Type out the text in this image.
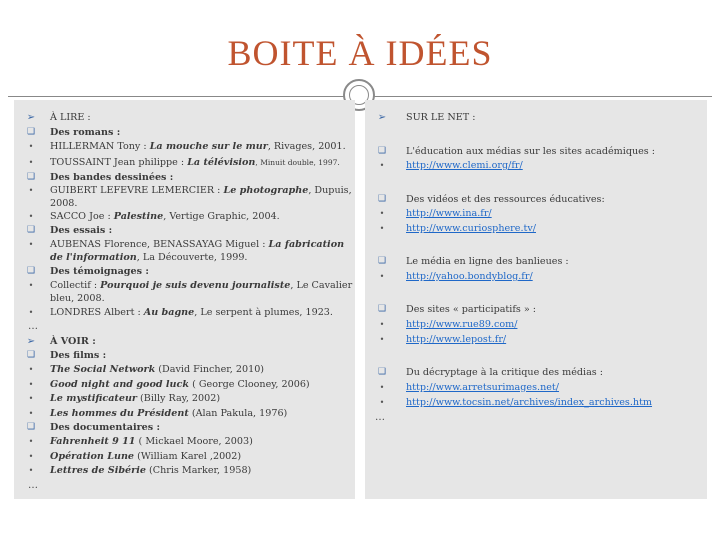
BOITE À IDÉES
➢ À LIRE :
❑	Des romans :
•	HILLERMAN Tony : La mouche sur le mur, Rivages, 2001.
•	TOUSSAINT Jean philippe : La télévision, Minuit double, 1997.
❑	Des bandes dessinées :
•	GUIBERT LEFEVRE LEMERCIER : Le photographe, Dupuis, 2008.
•	SACCO Joe : Palestine, Vertige Graphic, 2004.
❑	Des essais :
•	AUBENAS Florence, BENASSAYAG Miguel : La fabrication de l'information, La Découverte, 1999.
❑	Des témoignages :
•	Collectif : Pourquoi je suis devenu journaliste, Le Cavalier bleu, 2008.
•	LONDRES Albert : Au bagne, Le serpent à plumes, 1923.
…
➢ À VOIR :
❑	Des films :
•	The Social Network (David Fincher, 2010)
•	Good night and good luck ( George Clooney, 2006)
•	Le mystificateur (Billy Ray, 2002)
•	Les hommes du Président (Alan Pakula, 1976)
❑	Des documentaires :
•	Fahrenheit 9 11 ( Mickael Moore, 2003)
•	Opération Lune (William Karel ,2002)
•	Lettres de Sibérie (Chris Marker, 1958)
…
➢ SUR LE NET :
❑	L'éducation aux médias sur les sites académiques :
•	http://www.clemi.org/fr/
❑	Des vidéos et des ressources éducatives:
•	http://www.ina.fr/
•	http://www.curiosphere.tv/
❑	Le média en ligne des banlieues :
•	http://yahoo.bondyblog.fr/
❑	Des sites « participatifs » :
•	http://www.rue89.com/
•	http://www.lepost.fr/
❑	Du décryptage à la critique des médias :
•	http://www.arretsurimages.net/
•	http://www.tocsin.net/archives/index_archives.htm
…
